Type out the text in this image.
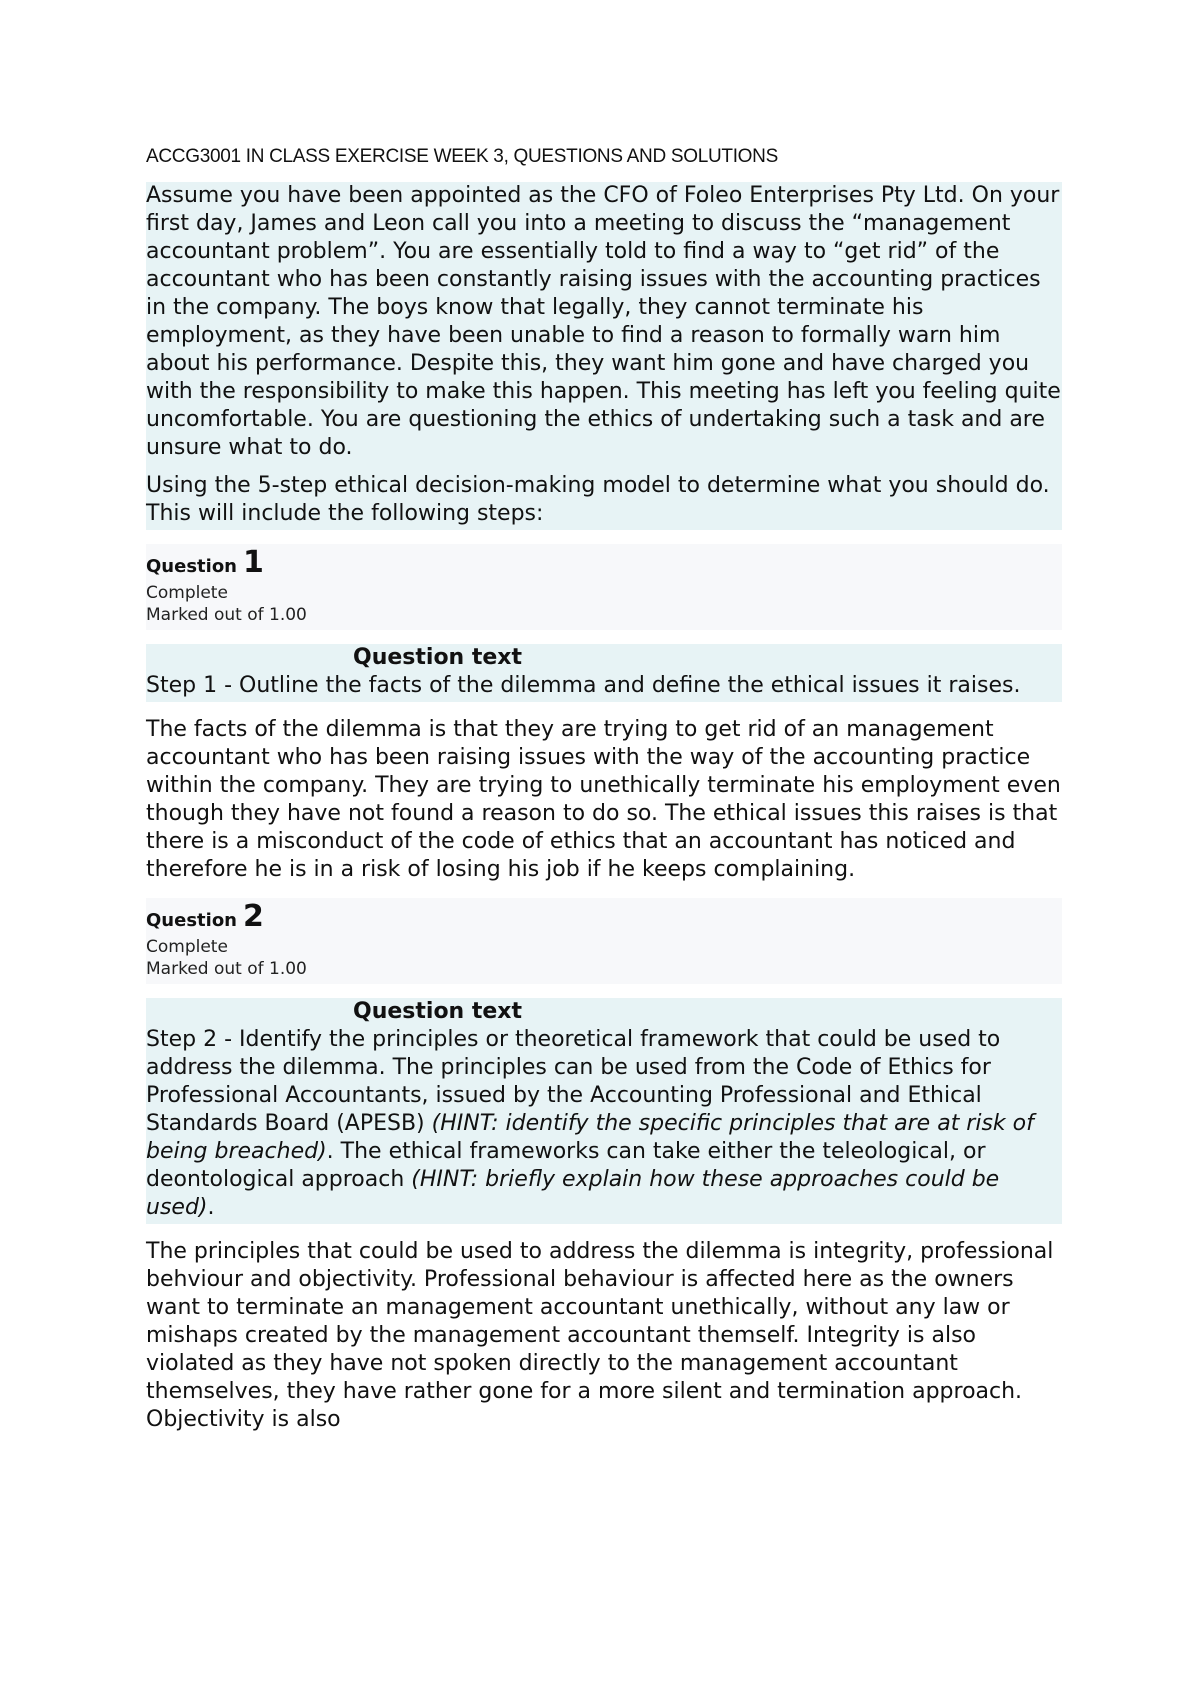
ACCG3001 IN CLASS EXERCISE WEEK 3, QUESTIONS AND SOLUTIONS

Assume you have been appointed as the CFO of Foleo Enterprises Pty Ltd. On your first day, James and Leon call you into a meeting to discuss the “management accountant problem”. You are essentially told to find a way to “get rid” of the accountant who has been constantly raising issues with the accounting practices in the company. The boys know that legally, they cannot terminate his employment, as they have been unable to find a reason to formally warn him about his performance. Despite this, they want him gone and have charged you with the responsibility to make this happen. This meeting has left you feeling quite uncomfortable. You are questioning the ethics of undertaking such a task and are unsure what to do.

Using the 5-step ethical decision-making model to determine what you should do. This will include the following steps:

Question 1
Complete
Marked out of 1.00
Question text
Step 1 - Outline the facts of the dilemma and define the ethical issues it raises.

The facts of the dilemma is that they are trying to get rid of an management accountant who has been raising issues with the way of the accounting practice within the company. They are trying to unethically terminate his employment even though they have not found a reason to do so. The ethical issues this raises is that there is a misconduct of the code of ethics that an accountant has noticed and therefore he is in a risk of losing his job if he keeps complaining.

Question 2
Complete
Marked out of 1.00
Question text
Step 2 - Identify the principles or theoretical framework that could be used to address the dilemma. The principles can be used from the Code of Ethics for Professional Accountants, issued by the Accounting Professional and Ethical Standards Board (APESB) (HINT: identify the specific principles that are at risk of being breached). The ethical frameworks can take either the teleological, or deontological approach (HINT: briefly explain how these approaches could be used).

The principles that could be used to address the dilemma is integrity, professional behviour and objectivity. Professional behaviour is affected here as the owners want to terminate an management accountant unethically, without any law or mishaps created by the management accountant themself. Integrity is also violated as they have not spoken directly to the management accountant themselves, they have rather gone for a more silent and termination approach. Objectivity is also
